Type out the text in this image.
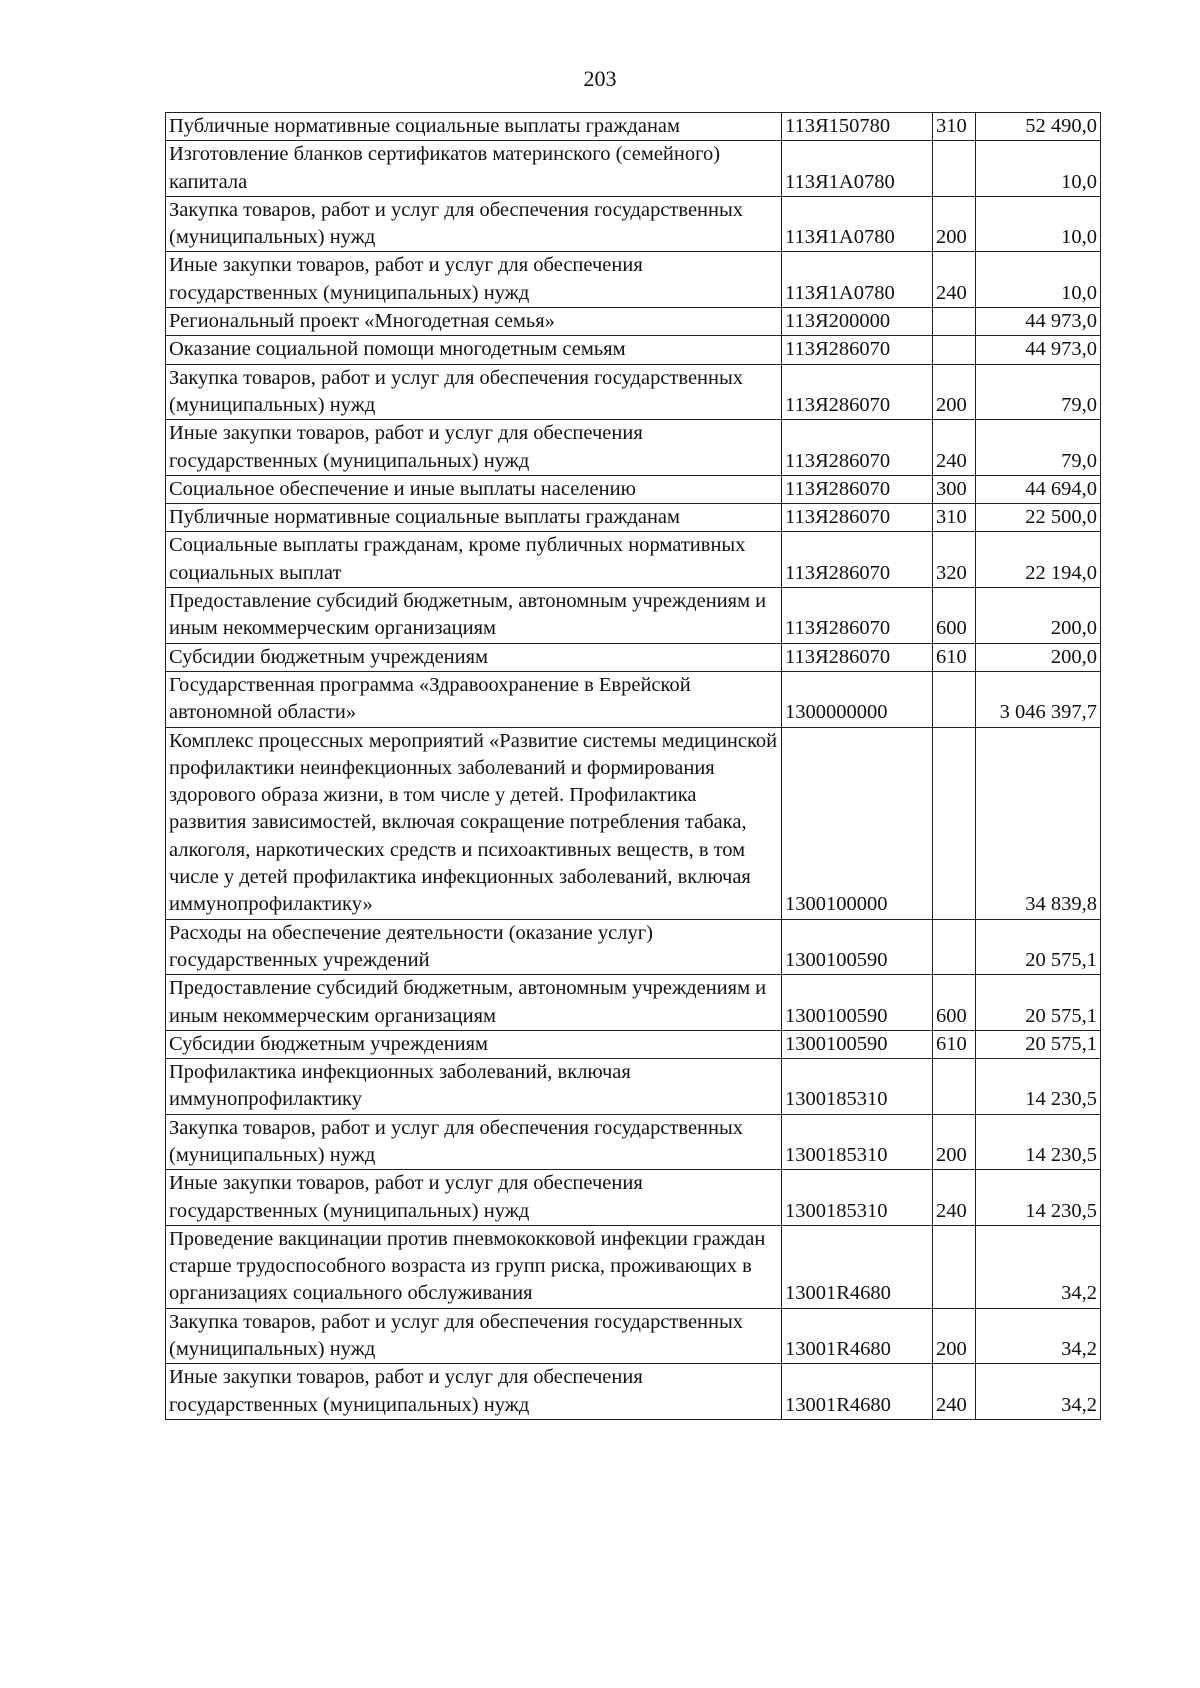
203
Публичные нормативные социальные выплаты гражданам	113Я150780	310	52 490,0
Изготовление бланков сертификатов материнского (семейного) капитала	113Я1А0780		10,0
Закупка товаров, работ и услуг для обеспечения государственных (муниципальных) нужд	113Я1А0780	200	10,0
Иные закупки товаров, работ и услуг для обеспечения государственных (муниципальных) нужд	113Я1А0780	240	10,0
Региональный проект «Многодетная семья»	113Я200000		44 973,0
Оказание социальной помощи многодетным семьям	113Я286070		44 973,0
Закупка товаров, работ и услуг для обеспечения государственных (муниципальных) нужд	113Я286070	200	79,0
Иные закупки товаров, работ и услуг для обеспечения государственных (муниципальных) нужд	113Я286070	240	79,0
Социальное обеспечение и иные выплаты населению	113Я286070	300	44 694,0
Публичные нормативные социальные выплаты гражданам	113Я286070	310	22 500,0
Социальные выплаты гражданам, кроме публичных нормативных социальных выплат	113Я286070	320	22 194,0
Предоставление субсидий бюджетным, автономным учреждениям и иным некоммерческим организациям	113Я286070	600	200,0
Субсидии бюджетным учреждениям	113Я286070	610	200,0
Государственная программа «Здравоохранение в Еврейской автономной области»	1300000000		3 046 397,7
Комплекс процессных мероприятий «Развитие системы медицинской профилактики неинфекционных заболеваний и формирования здорового образа жизни, в том числе у детей. Профилактика развития зависимостей, включая сокращение потребления табака, алкоголя, наркотических средств и психоактивных веществ, в том числе у детей профилактика инфекционных заболеваний, включая иммунопрофилактику»	1300100000		34 839,8
Расходы на обеспечение деятельности (оказание услуг) государственных учреждений	1300100590		20 575,1
Предоставление субсидий бюджетным, автономным учреждениям и иным некоммерческим организациям	1300100590	600	20 575,1
Субсидии бюджетным учреждениям	1300100590	610	20 575,1
Профилактика инфекционных заболеваний, включая иммунопрофилактику	1300185310		14 230,5
Закупка товаров, работ и услуг для обеспечения государственных (муниципальных) нужд	1300185310	200	14 230,5
Иные закупки товаров, работ и услуг для обеспечения государственных (муниципальных) нужд	1300185310	240	14 230,5
Проведение вакцинации против пневмококковой инфекции граждан старше трудоспособного возраста из групп риска, проживающих в организациях социального обслуживания	13001R4680		34,2
Закупка товаров, работ и услуг для обеспечения государственных (муниципальных) нужд	13001R4680	200	34,2
Иные закупки товаров, работ и услуг для обеспечения государственных (муниципальных) нужд	13001R4680	240	34,2
